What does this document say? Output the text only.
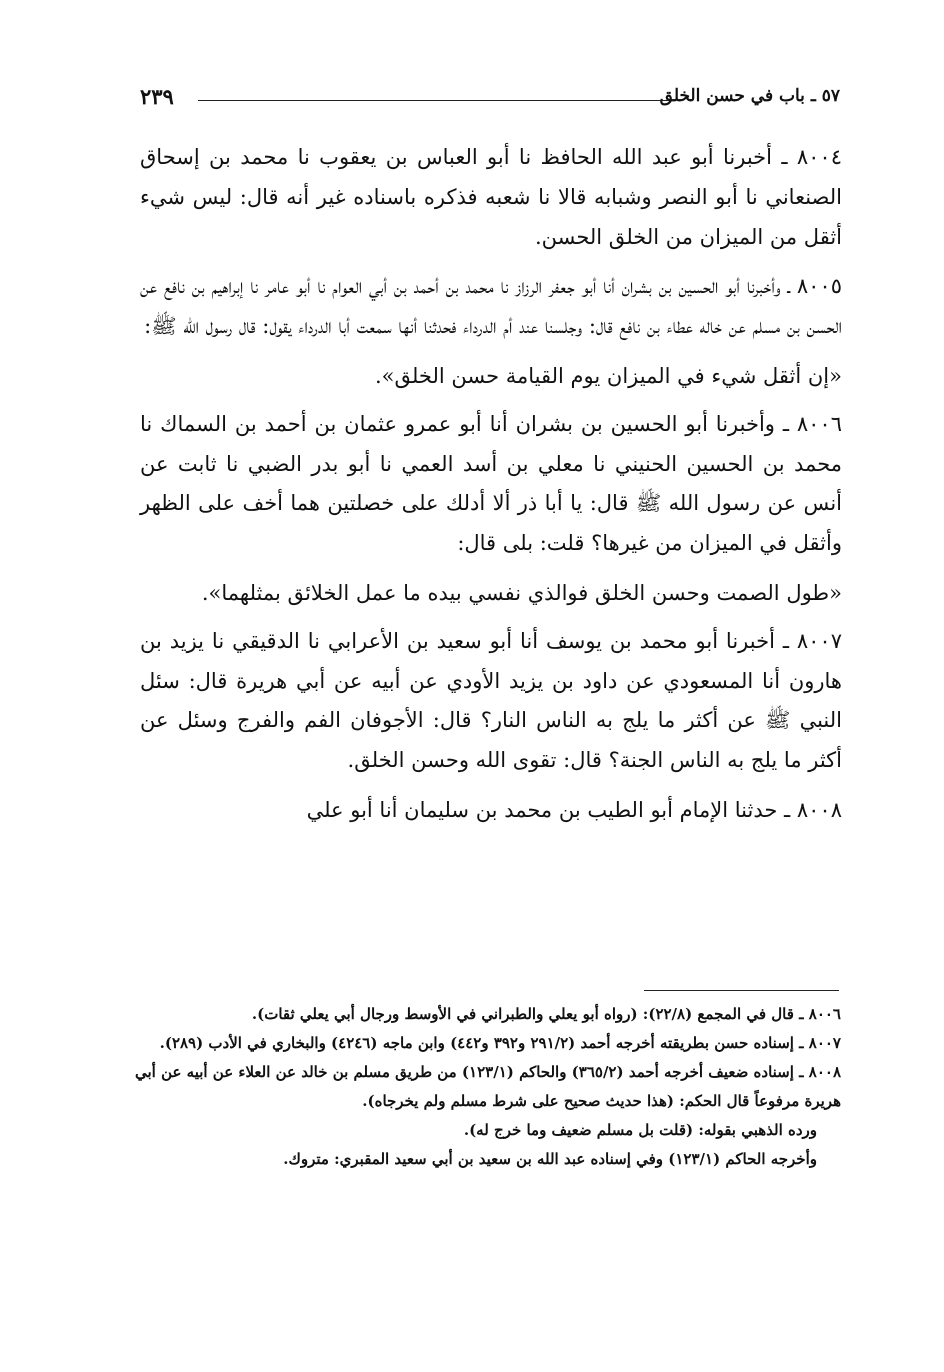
٥٧ ـ باب في حسن الخلق
٢٣٩

٨٠٠٤ ـ أخبرنا أبو عبد الله الحافظ نا أبو العباس بن يعقوب نا محمد بن إسحاق الصنعاني نا أبو النصر وشبابه قالا نا شعبه فذكره باسناده غير أنه قال: ليس شيء أثقل من الميزان من الخلق الحسن.

٨٠٠٥ ـ وأخبرنا أبو الحسين بن بشران أنا أبو جعفر الرزاز نا محمد بن أحمد بن أبي العوام نا أبو عامر نا إبراهيم بن نافع عن الحسن بن مسلم عن خاله عطاء بن نافع قال: وجلسنا عند أم الدرداء فحدثنا أنها سمعت أبا الدرداء يقول: قال رسول الله ﷺ:

«إن أثقل شيء في الميزان يوم القيامة حسن الخلق».

٨٠٠٦ ـ وأخبرنا أبو الحسين بن بشران أنا أبو عمرو عثمان بن أحمد بن السماك نا محمد بن الحسين الحنيني نا معلي بن أسد العمي نا أبو بدر الضبي نا ثابت عن أنس عن رسول الله ﷺ قال: يا أبا ذر ألا أدلك على خصلتين هما أخف على الظهر وأثقل في الميزان من غيرها؟ قلت: بلى قال:

«طول الصمت وحسن الخلق فوالذي نفسي بيده ما عمل الخلائق بمثلهما».

٨٠٠٧ ـ أخبرنا أبو محمد بن يوسف أنا أبو سعيد بن الأعرابي نا الدقيقي نا يزيد بن هارون أنا المسعودي عن داود بن يزيد الأودي عن أبيه عن أبي هريرة قال: سئل النبي ﷺ عن أكثر ما يلج به الناس النار؟ قال: الأجوفان الفم والفرج وسئل عن أكثر ما يلج به الناس الجنة؟ قال: تقوى الله وحسن الخلق.

٨٠٠٨ ـ حدثنا الإمام أبو الطيب بن محمد بن سليمان أنا أبو علي

٨٠٠٦ ـ قال في المجمع (٢٢/٨): (رواه أبو يعلي والطبراني في الأوسط ورجال أبي يعلي ثقات).

٨٠٠٧ ـ إسناده حسن بطريقته أخرجه أحمد (٢٩١/٢ و٣٩٢ و٤٤٢) وابن ماجه (٤٢٤٦) والبخاري في الأدب (٢٨٩).

٨٠٠٨ ـ إسناده ضعيف أخرجه أحمد (٣٦٥/٢) والحاكم (١٢٣/١) من طريق مسلم بن خالد عن العلاء عن أبيه عن أبي هريرة مرفوعاً قال الحكم: (هذا حديث صحيح على شرط مسلم ولم يخرجاه).

ورده الذهبي بقوله: (قلت بل مسلم ضعيف وما خرج له).

وأخرجه الحاكم (١٢٣/١) وفي إسناده عبد الله بن سعيد بن أبي سعيد المقبري: متروك.
